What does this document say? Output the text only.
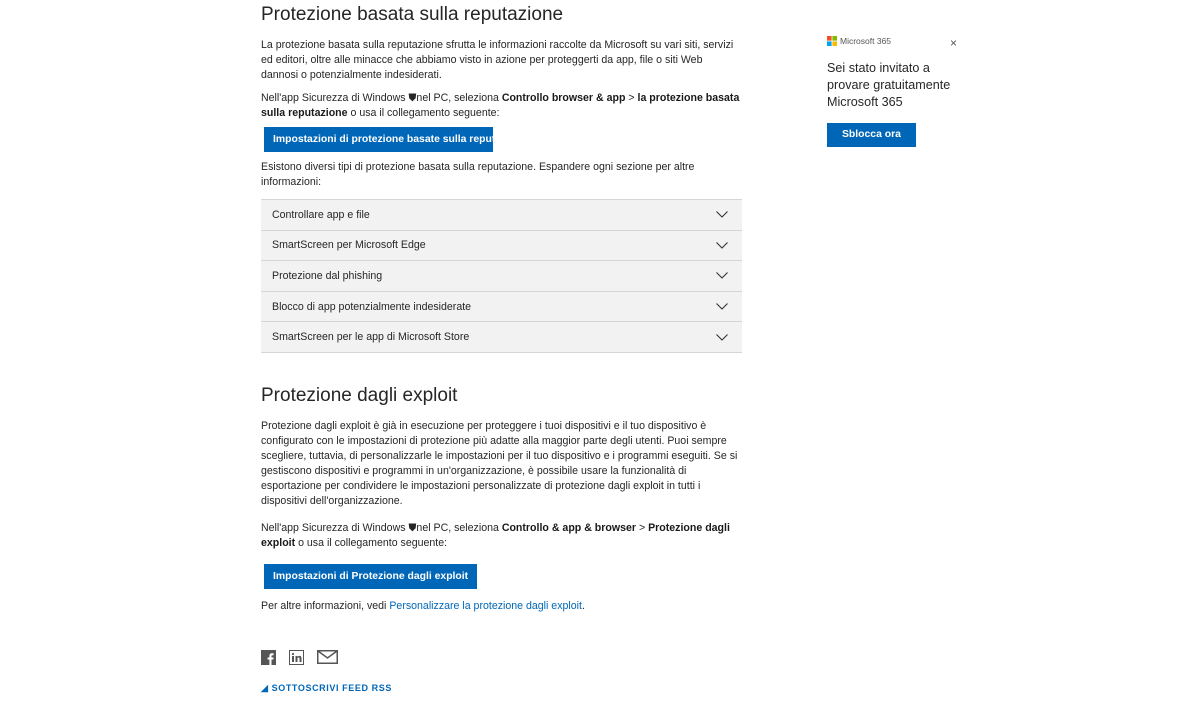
Protezione basata sulla reputazione

La protezione basata sulla reputazione sfrutta le informazioni raccolte da Microsoft su vari siti, servizi ed editori, oltre alle minacce che abbiamo visto in azione per proteggerti da app, file o siti Web dannosi o potenzialmente indesiderati.

Nell'app Sicurezza di Windows ⛊nel PC, seleziona Controllo browser & app > la protezione basata sulla reputazione o usa il collegamento seguente:

Impostazioni di protezione basate sulla reputazione

Esistono diversi tipi di protezione basata sulla reputazione. Espandere ogni sezione per altre informazioni:

Controllare app e file
SmartScreen per Microsoft Edge
Protezione dal phishing
Blocco di app potenzialmente indesiderate
SmartScreen per le app di Microsoft Store
Protezione dagli exploit

Protezione dagli exploit è già in esecuzione per proteggere i tuoi dispositivi e il tuo dispositivo è configurato con le impostazioni di protezione più adatte alla maggior parte degli utenti. Puoi sempre scegliere, tuttavia, di personalizzarle le impostazioni per il tuo dispositivo e i programmi eseguiti. Se si gestiscono dispositivi e programmi in un'organizzazione, è possibile usare la funzionalità di esportazione per condividere le impostazioni personalizzate di protezione dagli exploit in tutti i dispositivi dell'organizzazione.

Nell'app Sicurezza di Windows ⛊nel PC, seleziona Controllo & app & browser > Protezione dagli exploit o usa il collegamento seguente:

Impostazioni di Protezione dagli exploit

Per altre informazioni, vedi Personalizzare la protezione dagli exploit.

◢ SOTTOSCRIVI FEED RSS
Microsoft 365	×
Sei stato invitato a provare gratuitamente Microsoft 365
Sblocca ora
